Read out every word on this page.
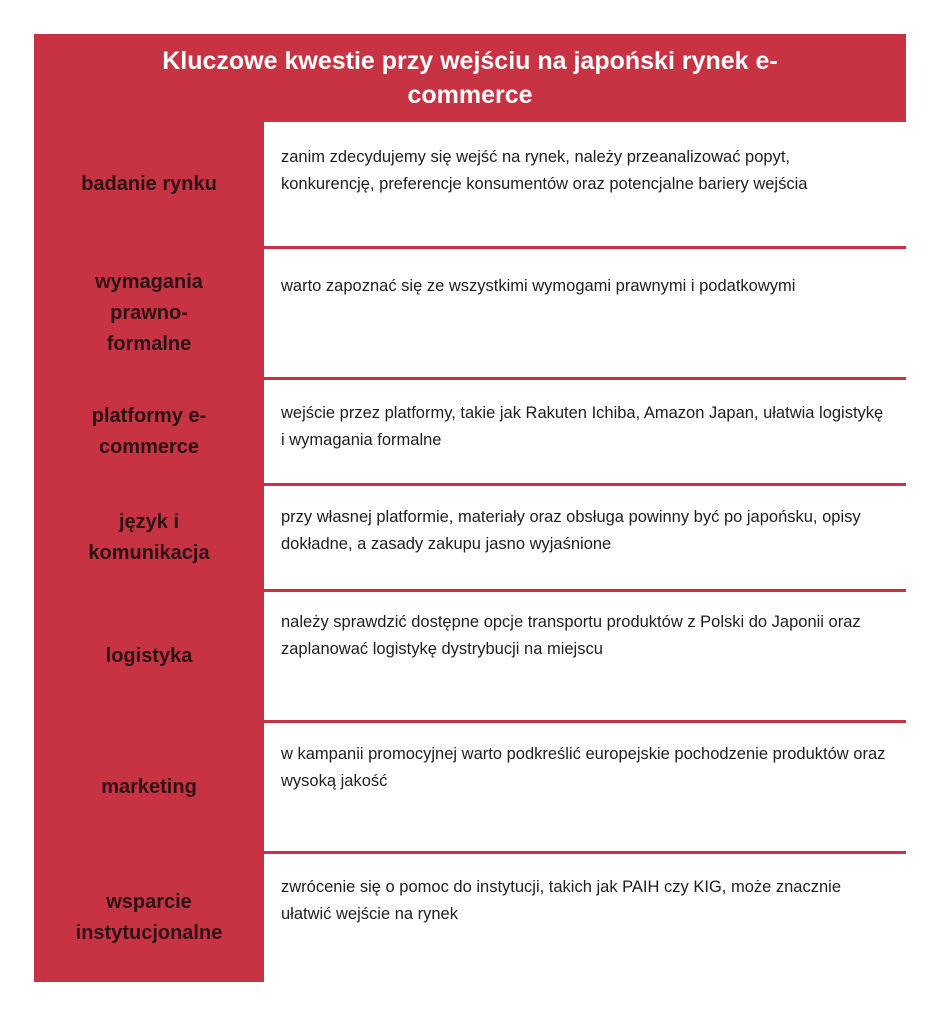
Kluczowe kwestie przy wejściu na japoński rynek e-commerce
badanie rynku
zanim zdecydujemy się wejść na rynek, należy przeanalizować popyt, konkurencję, preferencje konsumentów oraz potencjalne bariery wejścia
wymagania prawno-formalne
warto zapoznać się ze wszystkimi wymogami prawnymi i podatkowymi
platformy e-commerce
wejście przez platformy, takie jak Rakuten Ichiba, Amazon Japan, ułatwia logistykę i wymagania formalne
język i komunikacja
przy własnej platformie, materiały oraz obsługa powinny być po japońsku, opisy dokładne, a zasady zakupu jasno wyjaśnione
logistyka
należy sprawdzić dostępne opcje transportu produktów z Polski do Japonii oraz zaplanować logistykę dystrybucji na miejscu
marketing
w kampanii promocyjnej warto podkreślić europejskie pochodzenie produktów oraz wysoką jakość
wsparcie instytucjonalne
zwrócenie się o pomoc do instytucji, takich jak PAIH czy KIG, może znacznie ułatwić wejście na rynek
